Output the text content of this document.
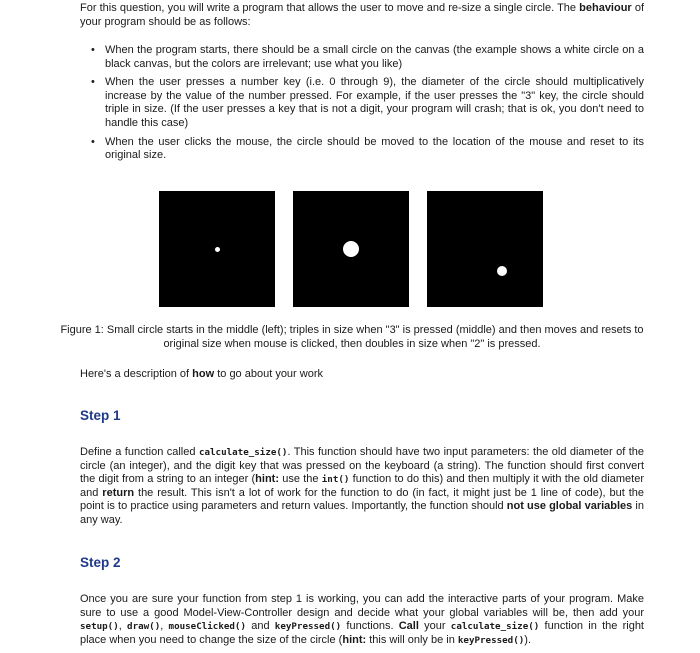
For this question, you will write a program that allows the user to move and re-size a single circle. The behaviour of your program should be as follows:

• When the program starts, there should be a small circle on the canvas (the example shows a white circle on a black canvas, but the colors are irrelevant; use what you like)
• When the user presses a number key (i.e. 0 through 9), the diameter of the circle should multiplicatively increase by the value of the number pressed. For example, if the user presses the "3" key, the circle should triple in size. (If the user presses a key that is not a digit, your program will crash; that is ok, you don't need to handle this case)
• When the user clicks the mouse, the circle should be moved to the location of the mouse and reset to its original size.

Figure 1: Small circle starts in the middle (left); triples in size when "3" is pressed (middle) and then moves and resets to original size when mouse is clicked, then doubles in size when "2" is pressed.

Here's a description of how to go about your work

Step 1

Define a function called calculate_size(). This function should have two input parameters: the old diameter of the circle (an integer), and the digit key that was pressed on the keyboard (a string). The function should first convert the digit from a string to an integer (hint: use the int() function to do this) and then multiply it with the old diameter and return the result. This isn't a lot of work for the function to do (in fact, it might just be 1 line of code), but the point is to practice using parameters and return values. Importantly, the function should not use global variables in any way.

Step 2

Once you are sure your function from step 1 is working, you can add the interactive parts of your program. Make sure to use a good Model-View-Controller design and decide what your global variables will be, then add your setup(), draw(), mouseClicked() and keyPressed() functions. Call your calculate_size() function in the right place when you need to change the size of the circle (hint: this will only be in keyPressed()).
